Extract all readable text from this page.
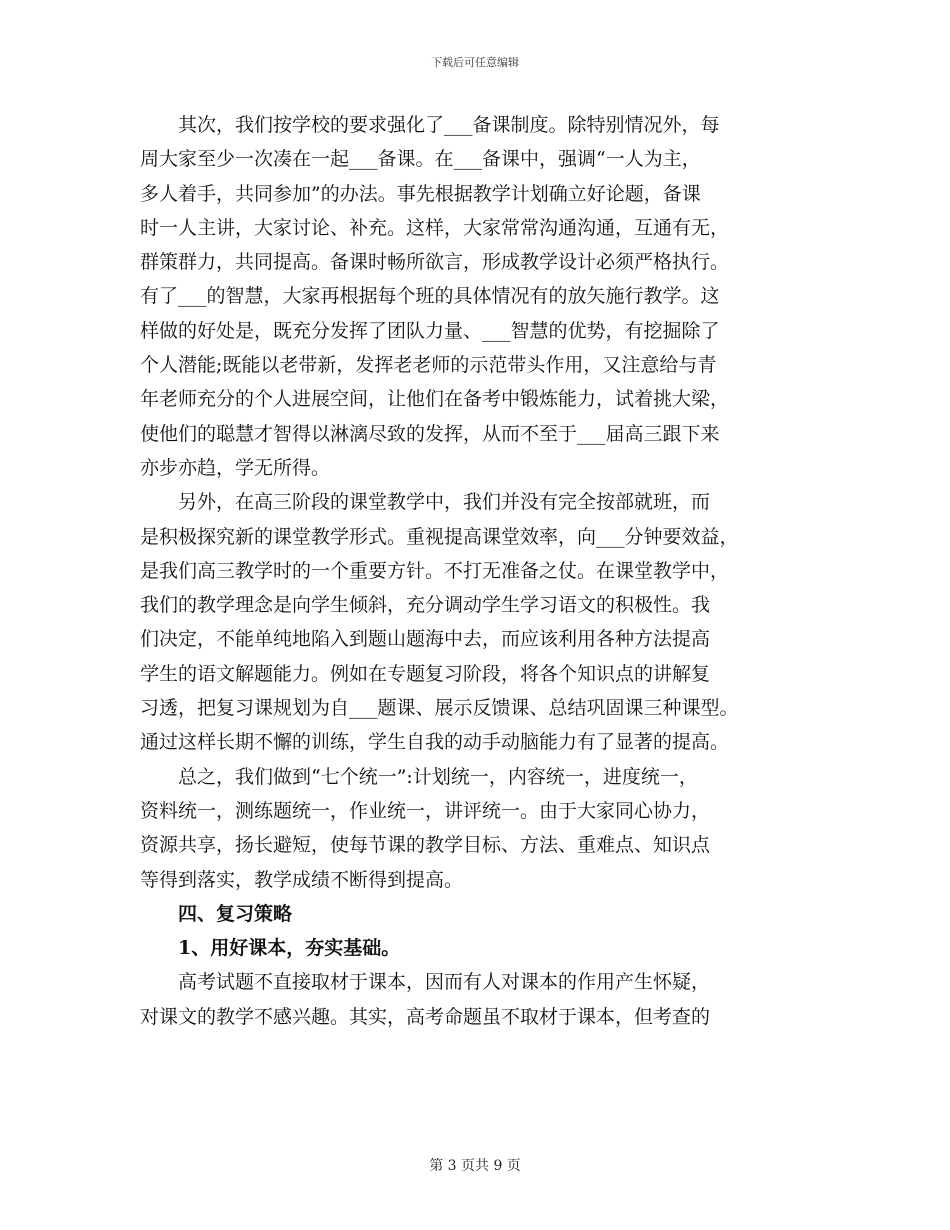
下载后可任意编辑
其次，我们按学校的要求强化了___备课制度。除特别情况外，每
周大家至少一次凑在一起___备课。在___备课中，强调“一人为主，
多人着手，共同参加”的办法。事先根据教学计划确立好论题，备课
时一人主讲，大家讨论、补充。这样，大家常常沟通沟通，互通有无，
群策群力，共同提高。备课时畅所欲言，形成教学设计必须严格执行。
有了___的智慧，大家再根据每个班的具体情况有的放矢施行教学。这
样做的好处是，既充分发挥了团队力量、___智慧的优势，有挖掘除了
个人潜能;既能以老带新，发挥老老师的示范带头作用，又注意给与青
年老师充分的个人进展空间，让他们在备考中锻炼能力，试着挑大梁，
使他们的聪慧才智得以淋漓尽致的发挥，从而不至于___届高三跟下来
亦步亦趋，学无所得。
另外，在高三阶段的课堂教学中，我们并没有完全按部就班，而
是积极探究新的课堂教学形式。重视提高课堂效率，向___分钟要效益，
是我们高三教学时的一个重要方针。不打无准备之仗。在课堂教学中，
我们的教学理念是向学生倾斜，充分调动学生学习语文的积极性。我
们决定，不能单纯地陷入到题山题海中去，而应该利用各种方法提高
学生的语文解题能力。例如在专题复习阶段，将各个知识点的讲解复
习透，把复习课规划为自___题课、展示反馈课、总结巩固课三种课型。
通过这样长期不懈的训练，学生自我的动手动脑能力有了显著的提高。
总之，我们做到“七个统一”:计划统一，内容统一，进度统一，
资料统一，测练题统一，作业统一，讲评统一。由于大家同心协力，
资源共享，扬长避短，使每节课的教学目标、方法、重难点、知识点
等得到落实，教学成绩不断得到提高。
四、复习策略
1、用好课本，夯实基础。
高考试题不直接取材于课本，因而有人对课本的作用产生怀疑，
对课文的教学不感兴趣。其实，高考命题虽不取材于课本，但考查的
第 3 页共 9 页
